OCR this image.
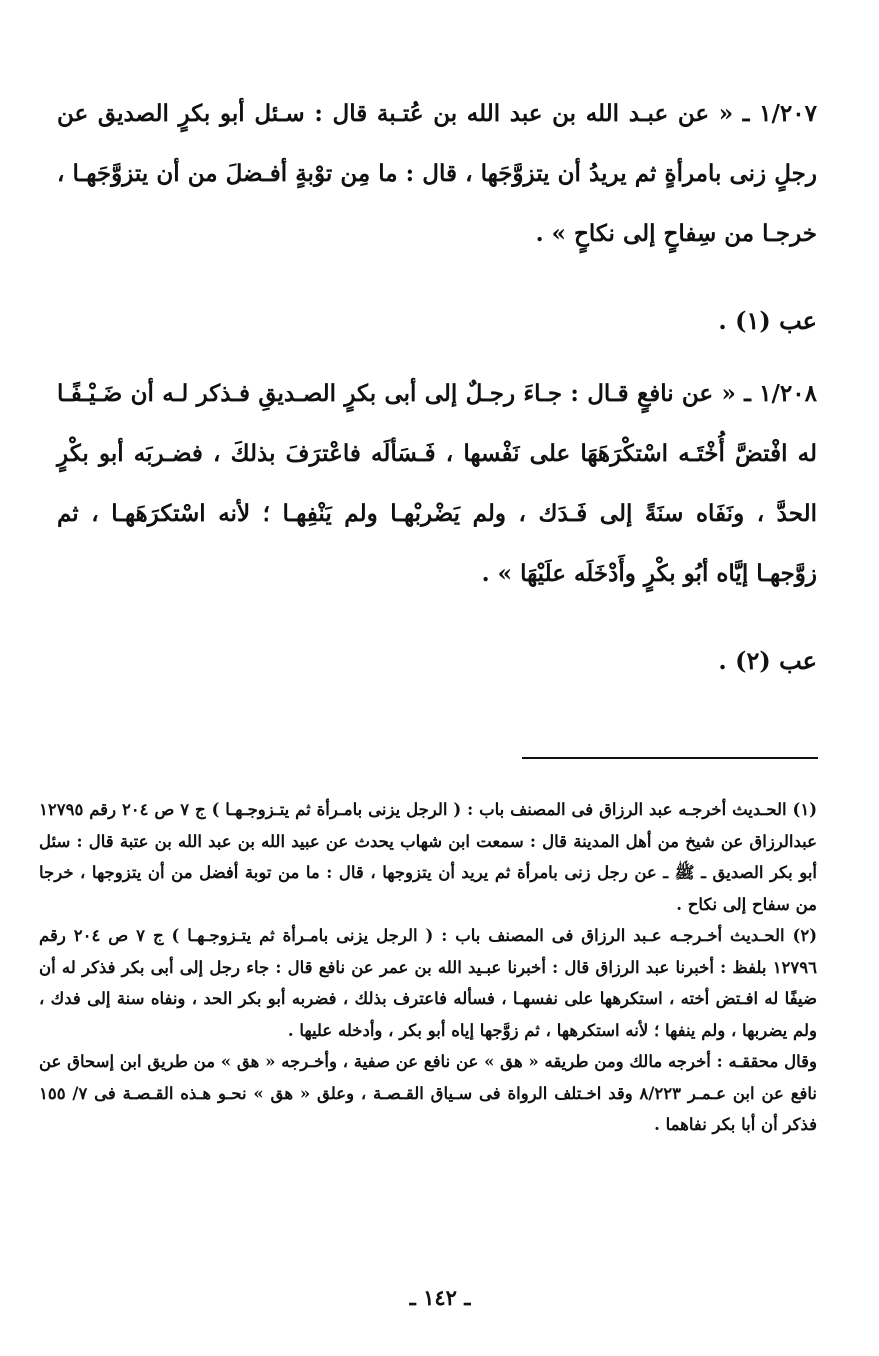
١/٢٠٧ ـ « عن عبـد الله بن عبد الله بن عُتـبة قال : سـئل أبو بكرٍ الصديق عن رجلٍ زنى بامرأةٍ ثم يريدُ أن يتزوَّجَها ، قال : ما مِن توْبةٍ أفـضلَ من أن يتزوَّجَهـا ، خرجـا من سِفاحٍ إلى نكاحٍ » .

عب (١) .

١/٢٠٨ ـ « عن نافعٍ قـال : جـاءَ رجـلٌ إلى أبى بكرٍ الصـديقِ فـذكر لـه أن ضَـيْـفًـا له افْتضَّ أُخْتَـه اسْتكْرَهَهَا على نَفْسها ، فَـسَألَه فاعْترَفَ بذلكَ ، فضـربَه أبو بكْرٍ الحدَّ ، ونَفَاه سنَةً إلى فَـدَك ، ولم يَضْربْهـا ولم يَنْفِهـا ؛ لأنه اسْتكرَهَهـا ، ثم زوَّجهـا إيَّاه أبُو بكْرٍ وأَدْخَلَه علَيْهَا » .

عب (٢) .

(١) الحـديث أخرجـه عبد الرزاق فى المصنف باب : ( الرجل يزنى بامـرأة ثم يتـزوجـهـا ) ج ٧ ص ٢٠٤ رقم ١٢٧٩٥ عبدالرزاق عن شيخ من أهل المدينة قال : سمعت ابن شهاب يحدث عن عبيد الله بن عبد الله بن عتبة قال : سئل أبو بكر الصديق ـ ﷺ ـ عن رجل زنى بامرأة ثم يريد أن يتزوجها ، قال : ما من توبة أفضل من أن يتزوجها ، خرجا من سفاح إلى نكاح .

(٢) الحـديث أخـرجـه عـبد الرزاق فى المصنف باب : ( الرجل يزنى بامـرأة ثم يتـزوجـهـا ) ج ٧ ص ٢٠٤ رقم ١٢٧٩٦ بلفظ : أخبرنا عبد الرزاق قال : أخبرنا عبـيد الله بن عمر عن نافع قال : جاء رجل إلى أبى بكر فذكر له أن ضيفًا له افـتض أخته ، استكرهها على نفسهـا ، فسأله فاعترف بذلك ، فضربه أبو بكر الحد ، ونفاه سنة إلى فدك ، ولم يضربها ، ولم ينفها ؛ لأنه استكرهها ، ثم زوَّجها إياه أبو بكر ، وأدخله عليها .

وقال محققـه : أخرجه مالك ومن طريقه « هق » عن نافع عن صفية ، وأخـرجه « هق » من طريق ابن إسحاق عن نافع عن ابن عـمـر ٨/٢٢٣ وقد اخـتلف الرواة فى سـياق القـصـة ، وعلق « هق » نحـو هـذه القـصـة فى ٧/ ١٥٥ فذكر أن أبا بكر نفاهما .

ـ ١٤٢ ـ
